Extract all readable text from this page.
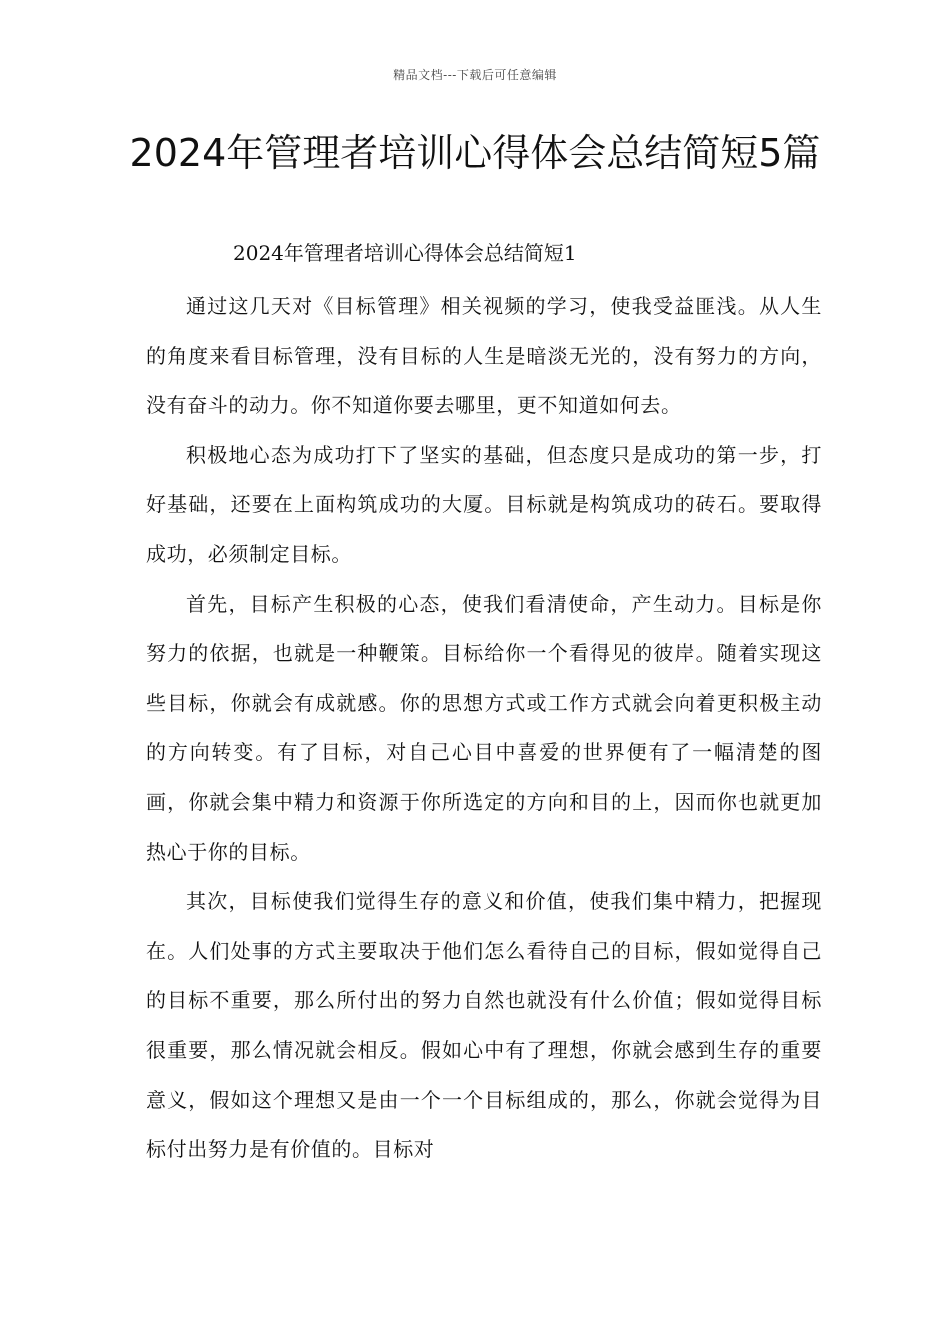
精品文档---下载后可任意编辑
2024年管理者培训心得体会总结简短5篇

2024年管理者培训心得体会总结简短1

通过这几天对《目标管理》相关视频的学习，使我受益匪浅。从人生的角度来看目标管理，没有目标的人生是暗淡无光的，没有努力的方向，没有奋斗的动力。你不知道你要去哪里，更不知道如何去。

积极地心态为成功打下了坚实的基础，但态度只是成功的第一步，打好基础，还要在上面构筑成功的大厦。目标就是构筑成功的砖石。要取得成功，必须制定目标。

首先，目标产生积极的心态，使我们看清使命，产生动力。目标是你努力的依据，也就是一种鞭策。目标给你一个看得见的彼岸。随着实现这些目标，你就会有成就感。你的思想方式或工作方式就会向着更积极主动的方向转变。有了目标，对自己心目中喜爱的世界便有了一幅清楚的图画，你就会集中精力和资源于你所选定的方向和目的上，因而你也就更加热心于你的目标。

其次，目标使我们觉得生存的意义和价值，使我们集中精力，把握现在。人们处事的方式主要取决于他们怎么看待自己的目标，假如觉得自己的目标不重要，那么所付出的努力自然也就没有什么价值；假如觉得目标很重要，那么情况就会相反。假如心中有了理想，你就会感到生存的重要意义，假如这个理想又是由一个一个目标组成的，那么，你就会觉得为目标付出努力是有价值的。目标对
